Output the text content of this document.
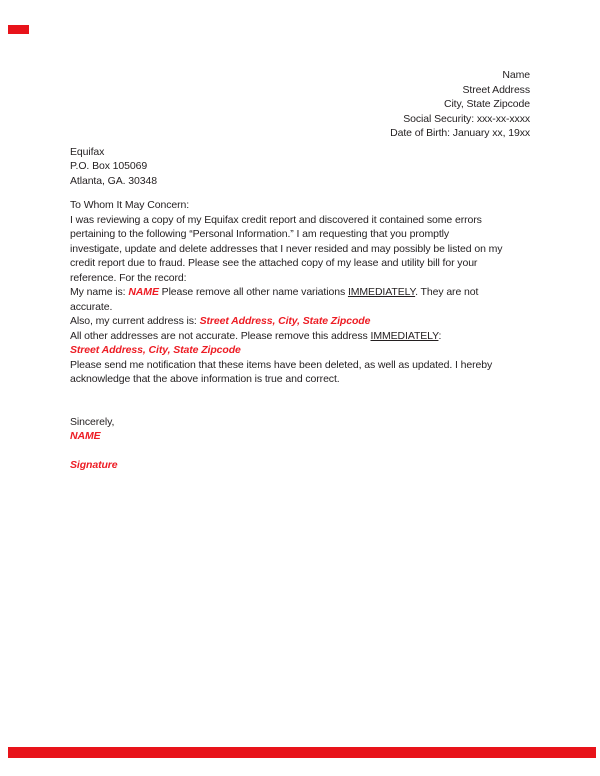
Name
Street Address
City, State Zipcode
Social Security: xxx-xx-xxxx
Date of Birth: January xx, 19xx
Equifax
P.O. Box 105069
Atlanta, GA. 30348

To Whom It May Concern:

I was reviewing a copy of my Equifax credit report and discovered it contained some errors
pertaining to the following “Personal Information.” I am requesting that you promptly
investigate, update and delete addresses that I never resided and may possibly be listed on my
credit report due to fraud. Please see the attached copy of my lease and utility bill for your
reference. For the record:

My name is: NAME Please remove all other name variations IMMEDIATELY. They are not
accurate.

Also, my current address is: Street Address, City, State Zipcode
All other addresses are not accurate. Please remove this address IMMEDIATELY:
Street Address, City, State Zipcode

Please send me notification that these items have been deleted, as well as updated. I hereby
acknowledge that the above information is true and correct.

Sincerely,
NAME
Signature
